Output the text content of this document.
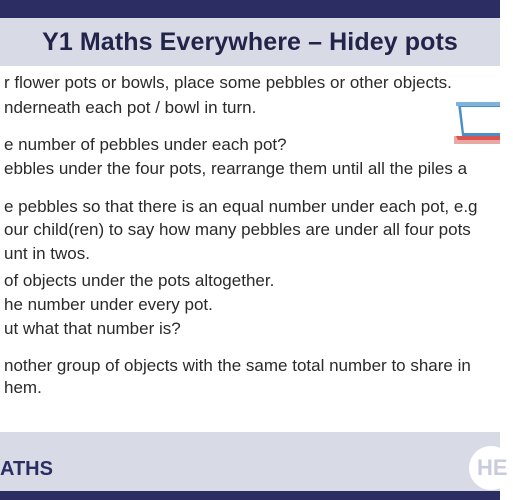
Y1 Maths Everywhere – Hidey pots
r flower pots or bowls, place some pebbles or other objects.
nderneath each pot / bowl in turn.
e number of pebbles under each pot?
ebbles under the four pots, rearrange them until all the piles a
e pebbles so that there is an equal number under each pot, e.g
our child(ren) to say how many pebbles are under all four pots
unt in twos.
of objects under the pots altogether.
he number under every pot.
ut what that number is?
nother group of objects with the same total number to share in
hem.
ATHS	HE
